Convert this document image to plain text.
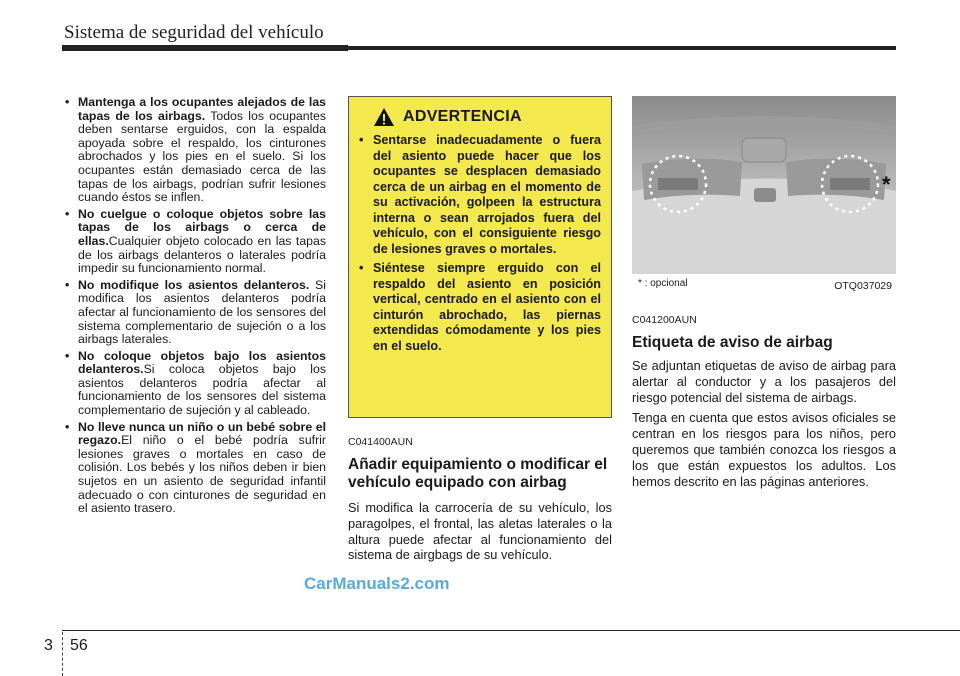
Sistema de seguridad del vehículo
• Mantenga a los ocupantes alejados de las tapas de los airbags. Todos los ocupantes deben sentarse erguidos, con la espalda apoyada sobre el respaldo, los cinturones abrochados y los pies en el suelo. Si los ocupantes están demasiado cerca de las tapas de los airbags, podrían sufrir lesiones cuando éstos se inflen.
• No cuelgue o coloque objetos sobre las tapas de los airbags o cerca de ellas.Cualquier objeto colocado en las tapas de los airbags delanteros o laterales podría impedir su funcionamiento normal.
• No modifique los asientos delanteros. Si modifica los asientos delanteros podría afectar al funcionamiento de los sensores del sistema complementario de sujeción o a los airbags laterales.
• No coloque objetos bajo los asientos delanteros.Si coloca objetos bajo los asientos delanteros podría afectar al funcionamiento de los sensores del sistema complementario de sujeción y al cableado.
• No lleve nunca un niño o un bebé sobre el regazo.El niño o el bebé podría sufrir lesiones graves o mortales en caso de colisión. Los bebés y los niños deben ir bien sujetos en un asiento de seguridad infantil adecuado o con cinturones de seguridad en el asiento trasero.
ADVERTENCIA
• Sentarse inadecuadamente o fuera del asiento puede hacer que los ocupantes se desplacen demasiado cerca de un airbag en el momento de su activación, golpeen la estructura interna o sean arrojados fuera del vehículo, con el consiguiente riesgo de lesiones graves o mortales.
• Siéntese siempre erguido con el respaldo del asiento en posición vertical, centrado en el asiento con el cinturón abrochado, las piernas extendidas cómodamente y los pies en el suelo.
C041400AUN
Añadir equipamiento o modificar el vehículo equipado con airbag
Si modifica la carrocería de su vehículo, los paragolpes, el frontal, las aletas laterales o la altura puede afectar al funcionamiento del sistema de airgbags de su vehículo.
*
* : opcional	OTQ037029
C041200AUN
Etiqueta de aviso de airbag
Se adjuntan etiquetas de aviso de airbag para alertar al conductor y a los pasajeros del riesgo potencial del sistema de airbags.
Tenga en cuenta que estos avisos oficiales se centran en los riesgos para los niños, pero queremos que también conozca los riesgos a los que están expuestos los adultos. Los hemos descrito en las páginas anteriores.
CarManuals2.com
3 56
